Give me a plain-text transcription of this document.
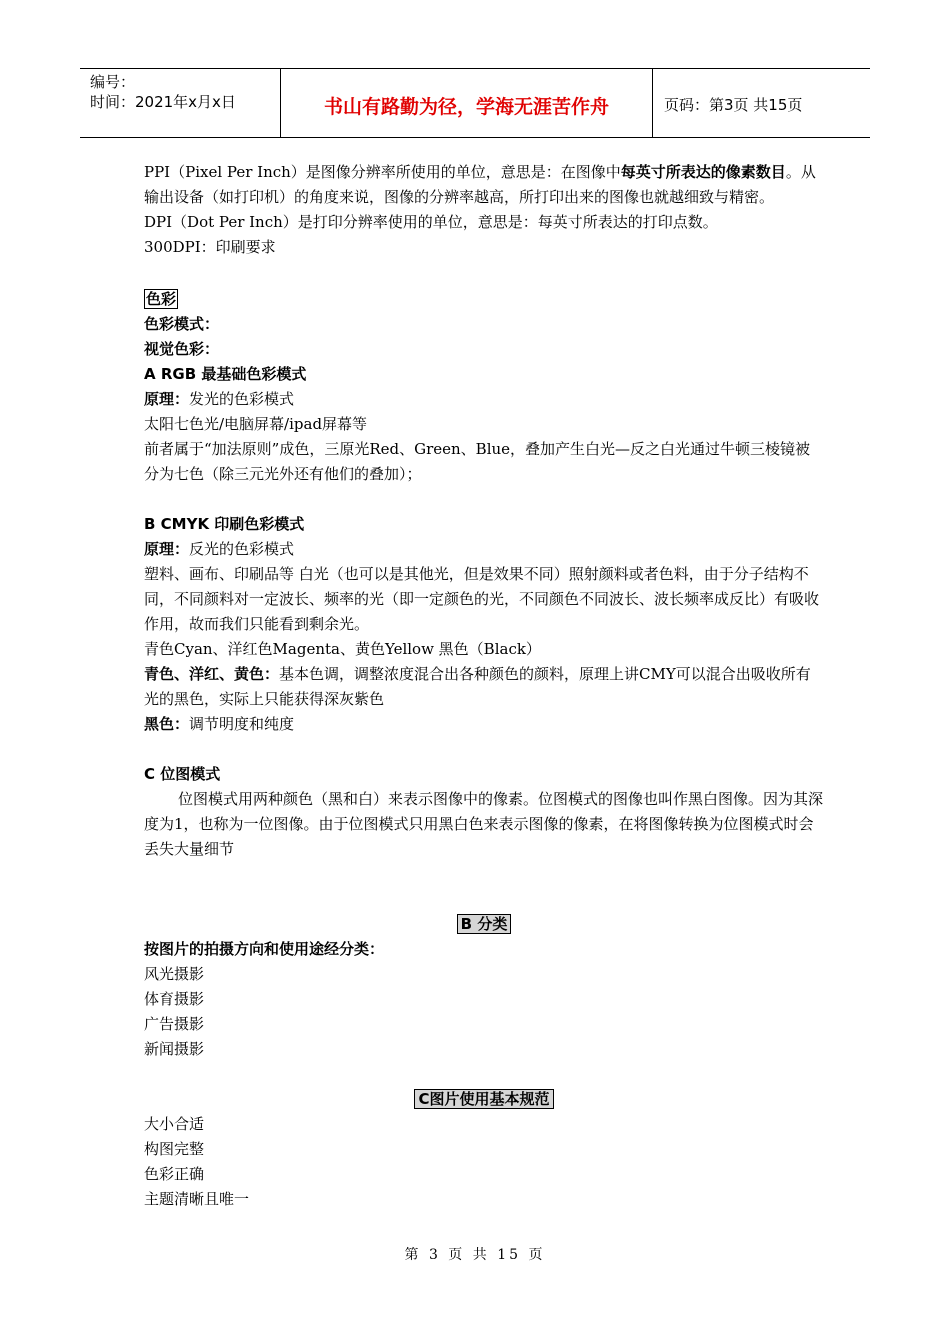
编号：
时间：2021年x月x日	书山有路勤为径，学海无涯苦作舟	页码：第3页 共15页

PPI（Pixel Per Inch）是图像分辨率所使用的单位，意思是：在图像中每英寸所表达的像素数目。从输出设备（如打印机）的角度来说，图像的分辨率越高，所打印出来的图像也就越细致与精密。

DPI（Dot Per Inch）是打印分辨率使用的单位，意思是：每英寸所表达的打印点数。

300DPI：印刷要求

色彩

色彩模式：

视觉色彩：

A RGB 最基础色彩模式

原理：发光的色彩模式

太阳七色光/电脑屏幕/ipad屏幕等

前者属于“加法原则”成色，三原光Red、Green、Blue，叠加产生白光—反之白光通过牛顿三棱镜被分为七色（除三元光外还有他们的叠加）；

B CMYK 印刷色彩模式

原理：反光的色彩模式

塑料、画布、印刷品等 白光（也可以是其他光，但是效果不同）照射颜料或者色料，由于分子结构不同，不同颜料对一定波长、频率的光（即一定颜色的光，不同颜色不同波长、波长频率成反比）有吸收作用，故而我们只能看到剩余光。

青色Cyan、洋红色Magenta、黄色Yellow 黑色（Black）

青色、洋红、黄色：基本色调，调整浓度混合出各种颜色的颜料，原理上讲CMY可以混合出吸收所有光的黑色，实际上只能获得深灰紫色

黑色：调节明度和纯度

C 位图模式

位图模式用两种颜色（黑和白）来表示图像中的像素。位图模式的图像也叫作黑白图像。因为其深度为1，也称为一位图像。由于位图模式只用黑白色来表示图像的像素，在将图像转换为位图模式时会丢失大量细节

B 分类

按图片的拍摄方向和使用途经分类：

风光摄影

体育摄影

广告摄影

新闻摄影

C图片使用基本规范

大小合适

构图完整

色彩正确

主题清晰且唯一

第 3 页 共 15 页
